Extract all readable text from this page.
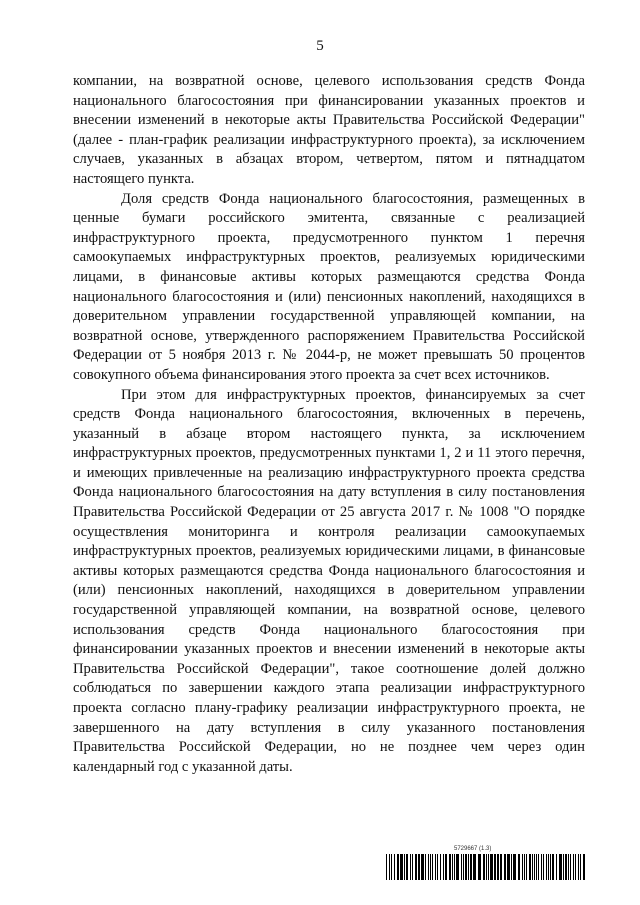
5

компании, на возвратной основе, целевого использования средств Фонда национального благосостояния при финансировании указанных проектов и внесении изменений в некоторые акты Правительства Российской Федерации" (далее - план-график реализации инфраструктурного проекта), за исключением случаев, указанных в абзацах втором, четвертом, пятом и пятнадцатом настоящего пункта.

Доля средств Фонда национального благосостояния, размещенных в ценные бумаги российского эмитента, связанные с реализацией инфраструктурного проекта, предусмотренного пунктом 1 перечня самоокупаемых инфраструктурных проектов, реализуемых юридическими лицами, в финансовые активы которых размещаются средства Фонда национального благосостояния и (или) пенсионных накоплений, находящихся в доверительном управлении государственной управляющей компании, на возвратной основе, утвержденного распоряжением Правительства Российской Федерации от 5 ноября 2013 г. № 2044-р, не может превышать 50 процентов совокупного объема финансирования этого проекта за счет всех источников.

При этом для инфраструктурных проектов, финансируемых за счет средств Фонда национального благосостояния, включенных в перечень, указанный в абзаце втором настоящего пункта, за исключением инфраструктурных проектов, предусмотренных пунктами 1, 2 и 11 этого перечня, и имеющих привлеченные на реализацию инфраструктурного проекта средства Фонда национального благосостояния на дату вступления в силу постановления Правительства Российской Федерации от 25 августа 2017 г. № 1008 "О порядке осуществления мониторинга и контроля реализации самоокупаемых инфраструктурных проектов, реализуемых юридическими лицами, в финансовые активы которых размещаются средства Фонда национального благосостояния и (или) пенсионных накоплений, находящихся в доверительном управлении государственной управляющей компании, на возвратной основе, целевого использования средств Фонда национального благосостояния при финансировании указанных проектов и внесении изменений в некоторые акты Правительства Российской Федерации", такое соотношение долей должно соблюдаться по завершении каждого этапа реализации инфраструктурного проекта согласно плану-графику реализации инфраструктурного проекта, не завершенного на дату вступления в силу указанного постановления Правительства Российской Федерации, но не позднее чем через один календарный год с указанной даты.

5729667 (1.3)
